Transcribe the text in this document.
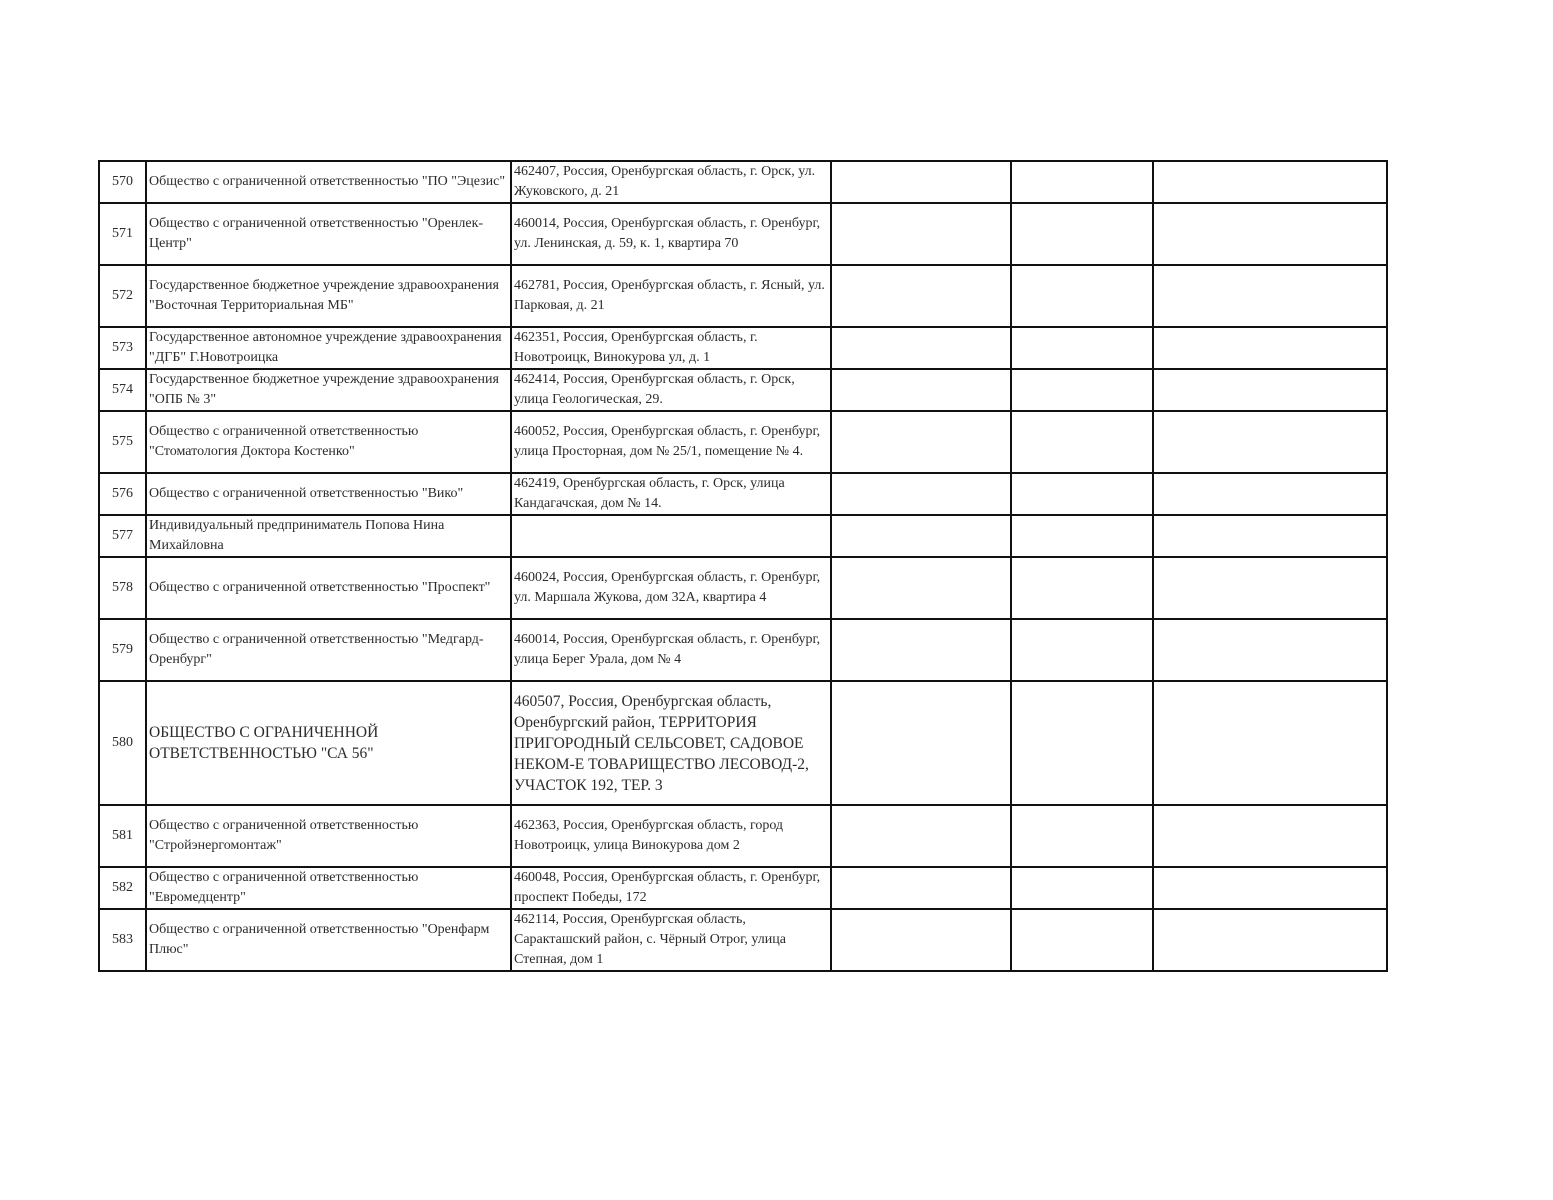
570	Общество с ограниченной ответственностью "ПО "Эцезис"	462407, Россия, Оренбургская область, г. Орск, ул. Жуковского, д. 21			
571	Общество с ограниченной ответственностью "Оренлек-Центр"	460014, Россия, Оренбургская область, г. Оренбург, ул. Ленинская, д. 59, к. 1, квартира 70			
572	Государственное бюджетное учреждение здравоохранения "Восточная Территориальная МБ"	462781, Россия, Оренбургская область, г. Ясный, ул. Парковая, д. 21			
573	Государственное автономное учреждение здравоохранения "ДГБ" Г.Новотроицка	462351, Россия, Оренбургская область, г. Новотроицк, Винокурова ул, д. 1			
574	Государственное бюджетное учреждение здравоохранения "ОПБ № 3"	462414, Россия, Оренбургская область, г. Орск, улица Геологическая, 29.			
575	Общество с ограниченной ответственностью "Стоматология Доктора Костенко"	460052, Россия, Оренбургская область, г. Оренбург, улица Просторная, дом № 25/1, помещение № 4.			
576	Общество с ограниченной ответственностью "Вико"	462419, Оренбургская область, г. Орск, улица Кандагачская, дом № 14.			
577	Индивидуальный предприниматель Попова Нина Михайловна				
578	Общество с ограниченной ответственностью "Проспект"	460024, Россия, Оренбургская область, г. Оренбург, ул. Маршала Жукова, дом 32А, квартира 4			
579	Общество с ограниченной ответственностью "Медгард-Оренбург"	460014, Россия, Оренбургская область, г. Оренбург, улица Берег Урала, дом № 4			
580	ОБЩЕСТВО С ОГРАНИЧЕННОЙ ОТВЕТСТВЕННОСТЬЮ "СА 56"	460507, Россия, Оренбургская область, Оренбургский район, ТЕРРИТОРИЯ ПРИГОРОДНЫЙ СЕЛЬСОВЕТ, САДОВОЕ НЕКОМ-Е ТОВАРИЩЕСТВО ЛЕСОВОД-2, УЧАСТОК 192, ТЕР. 3			
581	Общество с ограниченной ответственностью "Стройэнергомонтаж"	462363, Россия, Оренбургская область, город Новотроицк, улица Винокурова дом 2			
582	Общество с ограниченной ответственностью "Евромедцентр"	460048, Россия, Оренбургская область, г. Оренбург, проспект Победы, 172			
583	Общество с ограниченной ответственностью "Оренфарм Плюс"	462114, Россия, Оренбургская область, Саракташский район, с. Чёрный Отрог, улица Степная, дом 1			
